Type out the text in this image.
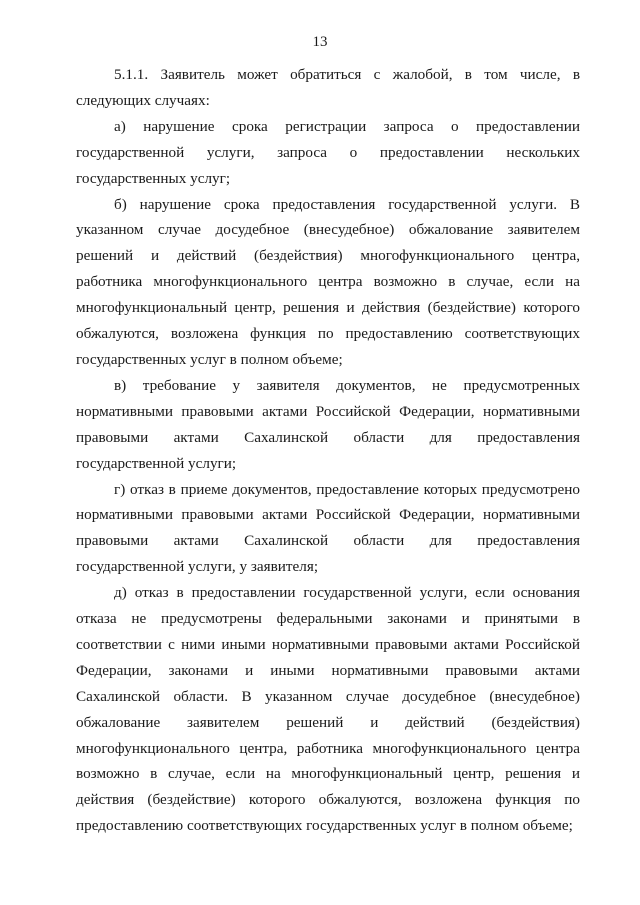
13

5.1.1. Заявитель может обратиться с жалобой, в том числе, в следующих случаях:

а) нарушение срока регистрации запроса о предоставлении государственной услуги, запроса о предоставлении нескольких государственных услуг;

б) нарушение срока предоставления государственной услуги. В указанном случае досудебное (внесудебное) обжалование заявителем решений и действий (бездействия) многофункционального центра, работника многофункционального центра возможно в случае, если на многофункциональный центр, решения и действия (бездействие) которого обжалуются, возложена функция по предоставлению соответствующих государственных услуг в полном объеме;

в) требование у заявителя документов, не предусмотренных нормативными правовыми актами Российской Федерации, нормативными правовыми актами Сахалинской области для предоставления государственной услуги;

г) отказ в приеме документов, предоставление которых предусмотрено нормативными правовыми актами Российской Федерации, нормативными правовыми актами Сахалинской области для предоставления государственной услуги, у заявителя;

д) отказ в предоставлении государственной услуги, если основания отказа не предусмотрены федеральными законами и принятыми в соответствии с ними иными нормативными правовыми актами Российской Федерации, законами и иными нормативными правовыми актами Сахалинской области. В указанном случае досудебное (внесудебное) обжалование заявителем решений и действий (бездействия) многофункционального центра, работника многофункционального центра возможно в случае, если на многофункциональный центр, решения и действия (бездействие) которого обжалуются, возложена функция по предоставлению соответствующих государственных услуг в полном объеме;
